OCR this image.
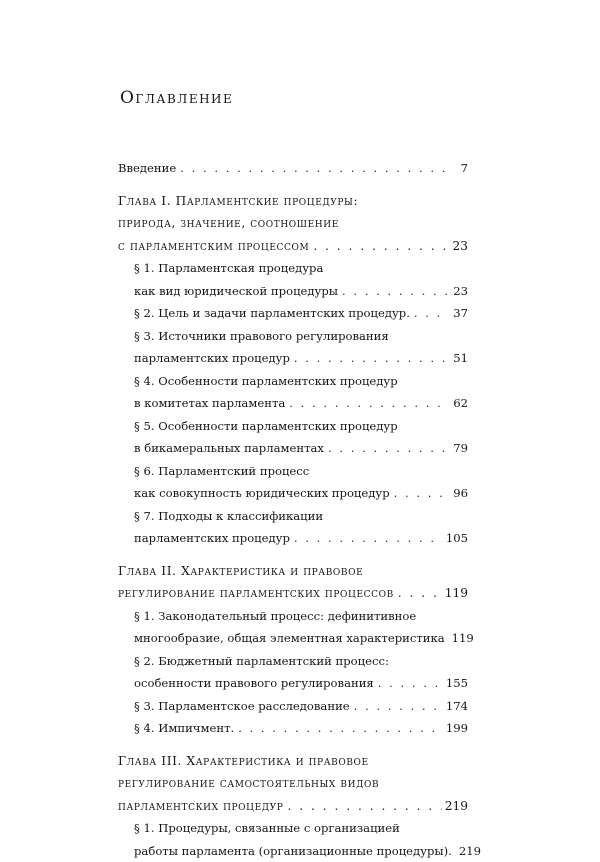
Оглавление
Введение . . .	7
Глава I. Парламентские процедуры:
природа, значение, соотношение
с парламентским процессом . . .	23
§ 1. Парламентская процедура
как вид юридической процедуры . . .	23
§ 2. Цель и задачи парламентских процедур. . . .	37
§ 3. Источники правового регулирования
парламентских процедур . . .	51
§ 4. Особенности парламентских процедур
в комитетах парламента . . .	62
§ 5. Особенности парламентских процедур
в бикамеральных парламентах . . .	79
§ 6. Парламентский процесс
как совокупность юридических процедур . . .	96
§ 7. Подходы к классификации
парламентских процедур . . .	105
Глава II. Характеристика и правовое
регулирование парламентских процессов . . .	119
§ 1. Законодательный процесс: дефинитивное
многообразие, общая элементная характеристика 119
§ 2. Бюджетный парламентский процесс:
особенности правового регулирования . . .	155
§ 3. Парламентское расследование . . .	174
§ 4. Импичмент. . . .	199
Глава III. Характеристика и правовое
регулирование самостоятельных видов
парламентских процедур . . .	219
§ 1. Процедуры, связанные с организацией
работы парламента (организационные процедуры). 219
